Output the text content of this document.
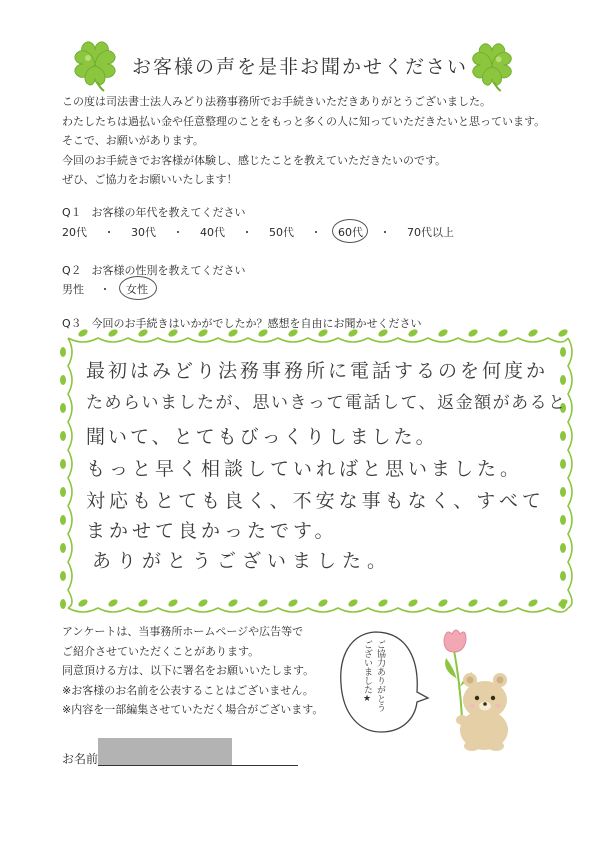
お客様の声を是非お聞かせください
この度は司法書士法人みどり法務事務所でお手続きいただきありがとうございました。
わたしたちは過払い金や任意整理のことをもっと多くの人に知っていただきたいと思っています。
そこで、お願いがあります。
今回のお手続きでお客様が体験し、感じたことを教えていただきたいのです。
ぜひ、ご協力をお願いいたします！
Q１ お客様の年代を教えてください
20代 ・ 30代 ・ 40代 ・ 50代 ・ 60代 ・ 70代以上
Q２ お客様の性別を教えてください
男性 ・ 女性
Q３ 今回のお手続きはいかがでしたか？感想を自由にお聞かせください
最初はみどり法務事務所に電話するのを何度か
ためらいましたが、思いきって電話して、返金額があると
聞いて、とてもびっくりしました。
もっと早く相談していればと思いました。
対応もとても良く、不安な事もなく、すべて
まかせて良かったです。
ありがとうございました。
アンケートは、当事務所ホームページや広告等で
ご紹介させていただくことがあります。
同意頂ける方は、以下に署名をお願いいたします。
※お客様のお名前を公表することはございません。
※内容を一部編集させていただく場合がございます。	ご協力ありがとう
ございました★
お名前
